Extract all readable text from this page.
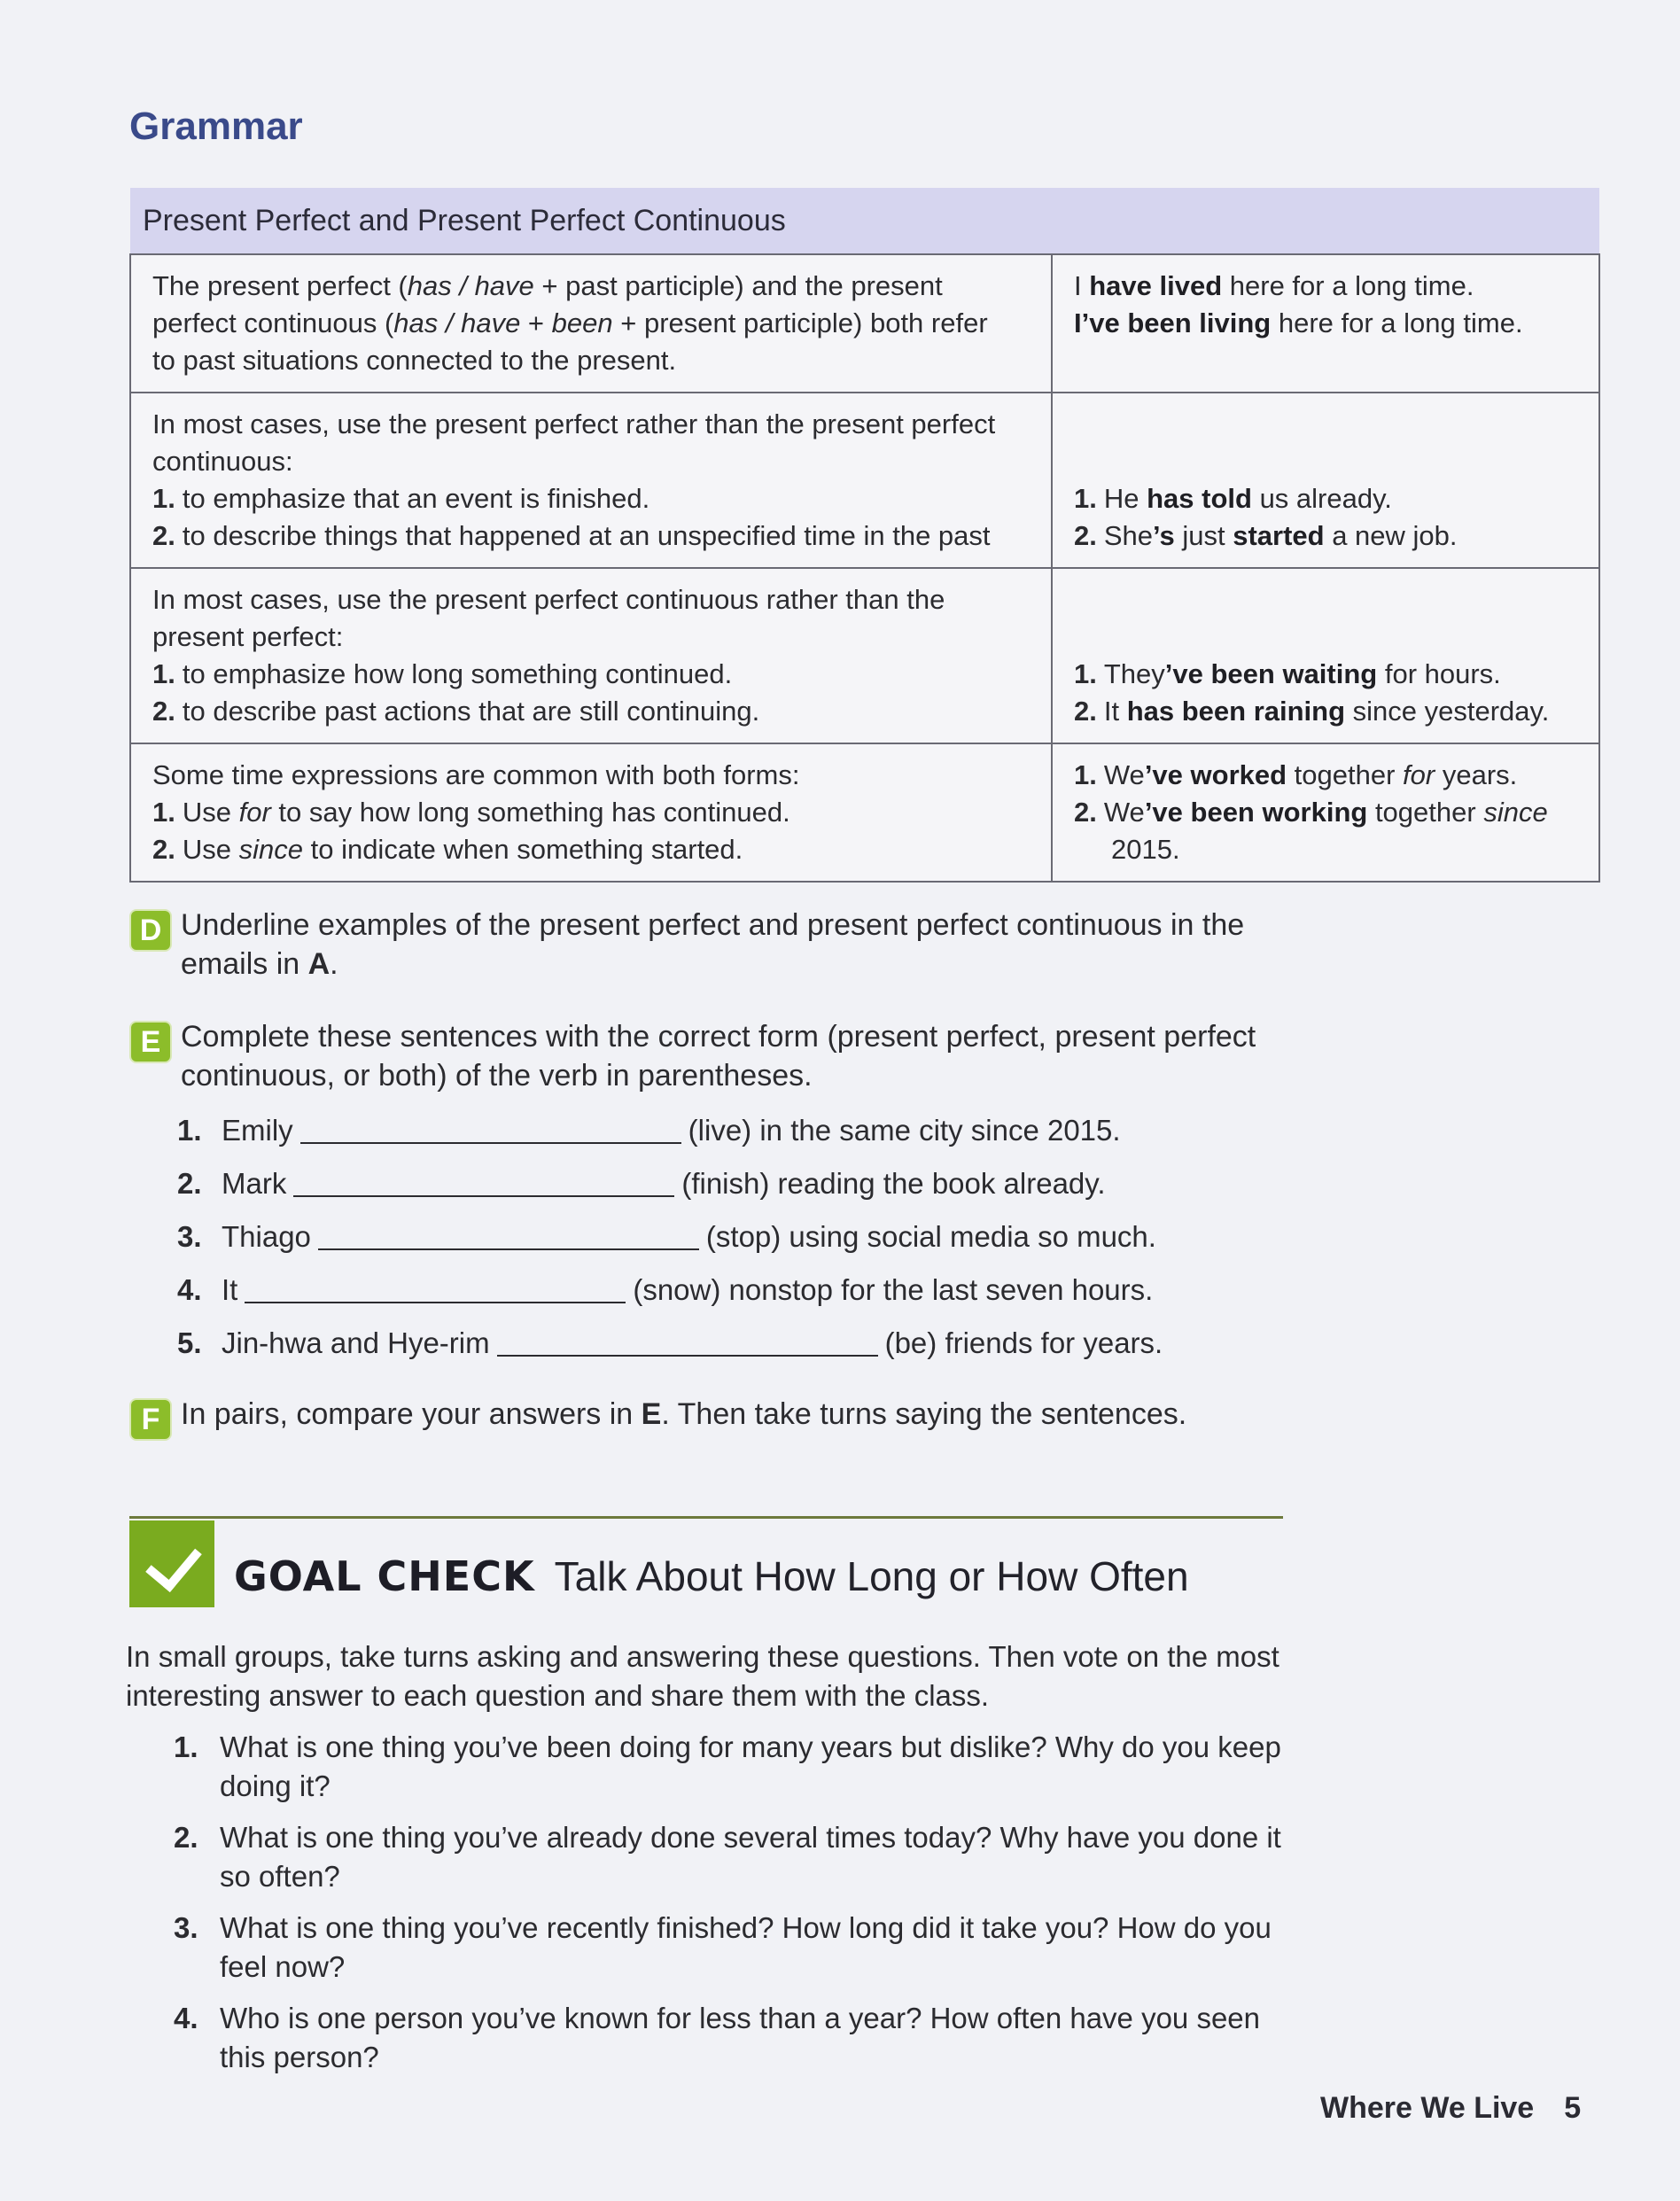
Grammar
Present Perfect and Present Perfect Continuous	

The present perfect (has / have + past participle) and the present
perfect continuous (has / have + been + present participle) both refer
to past situations connected to the present.	I have lived here for a long time.
I’ve been living here for a long time.

In most cases, use the present perfect rather than the present perfect
continuous:
1. to emphasize that an event is finished.
2. to describe things that happened at an unspecified time in the past	1. He has told us already.
2. She’s just started a new job.

In most cases, use the present perfect continuous rather than the
present perfect:
1. to emphasize how long something continued.
2. to describe past actions that are still continuing.	1. They’ve been waiting for hours.
2. It has been raining since yesterday.

Some time expressions are common with both forms:
1. Use for to say how long something has continued.
2. Use since to indicate when something started.	1. We’ve worked together for years.
2. We’ve been working together since
2015.
D Underline examples of the present perfect and present perfect continuous in the
emails in A.
E Complete these sentences with the correct form (present perfect, present perfect
continuous, or both) of the verb in parentheses.
1. Emily	(live) in the same city since 2015.
2. Mark	(finish) reading the book already.
3. Thiago	(stop) using social media so much.
4. It	(snow) nonstop for the last seven hours.
5. Jin-hwa and Hye-rim	(be) friends for years.
F In pairs, compare your answers in E. Then take turns saying the sentences.
GOAL CHECK Talk About How Long or How Often
In small groups, take turns asking and answering these questions. Then vote on the most interesting answer to each question and share them with the class.
1. What is one thing you’ve been doing for many years but dislike? Why do you keep doing it?
2. What is one thing you’ve already done several times today? Why have you done it so often?
3. What is one thing you’ve recently finished? How long did it take you? How do you feel now?
4. Who is one person you’ve known for less than a year? How often have you seen this person?
Where We Live 5
